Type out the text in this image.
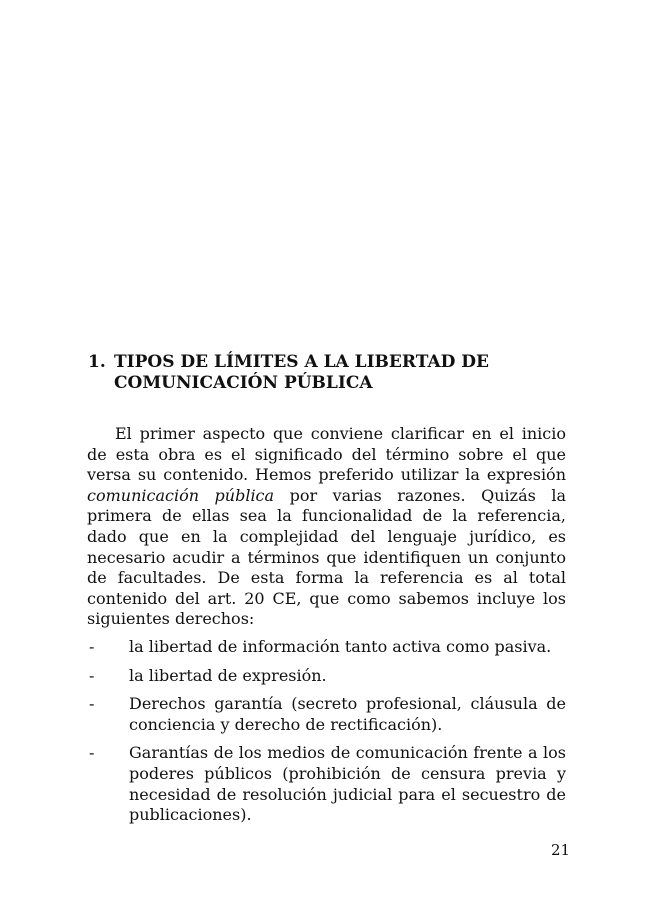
1. TIPOS DE LÍMITES A LA LIBERTAD DE
COMUNICACIÓN PÚBLICA

El primer aspecto que conviene clarificar en el inicio de esta obra es el significado del término sobre el que versa su contenido. Hemos preferido utilizar la expresión comunicación pública por varias razones. Quizás la primera de ellas sea la funcionalidad de la referencia, dado que en la complejidad del lenguaje jurídico, es necesario acudir a términos que identifiquen un conjunto de facultades. De esta forma la referencia es al total contenido del art. 20 CE, que como sabemos incluye los siguientes derechos:

-	la libertad de información tanto activa como pasiva.
-	la libertad de expresión.
-	Derechos garantía (secreto profesional, cláusula de conciencia y derecho de rectificación).
-	Garantías de los medios de comunicación frente a los poderes públicos (prohibición de censura previa y necesidad de resolución judicial para el secuestro de publicaciones).
21
